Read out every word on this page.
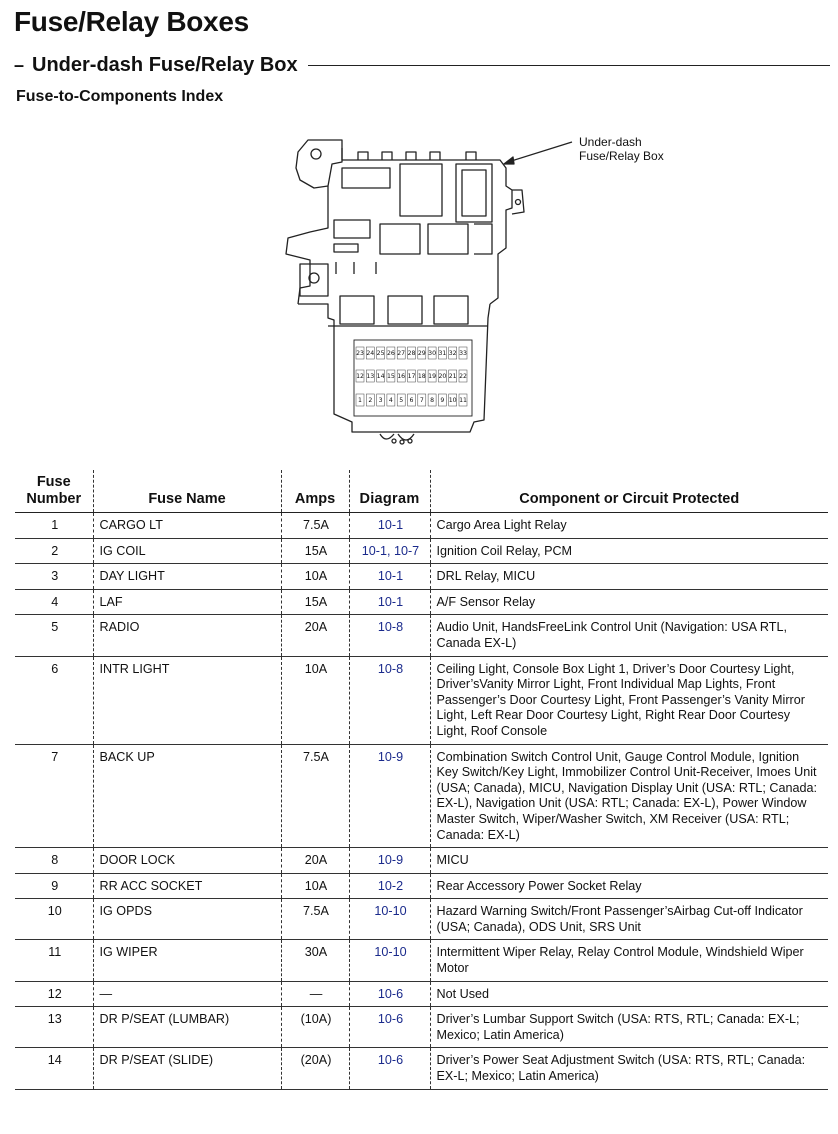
Fuse/Relay Boxes
– Under-dash Fuse/Relay Box
Fuse-to-Components Index
Under-dash
Fuse/Relay Box
23 24 25 26 27 28 29 30 31 32 33
12 13 14 15 16 17 18 19 20 21 22
1 2 3 4 5 6 7 8 9 10 11
Fuse
Number	Fuse Name	Amps	Diagram	Component or Circuit Protected
1	CARGO LT	7.5A	10-1	Cargo Area Light Relay
2	IG COIL	15A	10-1, 10-7	Ignition Coil Relay, PCM
3	DAY LIGHT	10A	10-1	DRL Relay, MICU
4	LAF	15A	10-1	A/F Sensor Relay
5	RADIO	20A	10-8	Audio Unit, HandsFreeLink Control Unit (Navigation: USA RTL, Canada EX-L)
6	INTR LIGHT	10A	10-8	Ceiling Light, Console Box Light 1, Driver’s Door Courtesy Light, Driver’sVanity Mirror Light, Front Individual Map Lights, Front Passenger’s Door Courtesy Light, Front Passenger’s Vanity Mirror Light, Left Rear Door Courtesy Light, Right Rear Door Courtesy Light, Roof Console
7	BACK UP	7.5A	10-9	Combination Switch Control Unit, Gauge Control Module, Ignition Key Switch/Key Light, Immobilizer Control Unit-Receiver, Imoes Unit (USA; Canada), MICU, Navigation Display Unit (USA: RTL; Canada: EX-L), Navigation Unit (USA: RTL; Canada: EX-L), Power Window Master Switch, Wiper/Washer Switch, XM Receiver (USA: RTL; Canada: EX-L)
8	DOOR LOCK	20A	10-9	MICU
9	RR ACC SOCKET	10A	10-2	Rear Accessory Power Socket Relay
10	IG OPDS	7.5A	10-10	Hazard Warning Switch/Front Passenger’sAirbag Cut-off Indicator (USA; Canada), ODS Unit, SRS Unit
11	IG WIPER	30A	10-10	Intermittent Wiper Relay, Relay Control Module, Windshield Wiper Motor
12	—	—	10-6	Not Used
13	DR P/SEAT (LUMBAR)	(10A)	10-6	Driver’s Lumbar Support Switch (USA: RTS, RTL; Canada: EX-L; Mexico; Latin America)
14	DR P/SEAT (SLIDE)	(20A)	10-6	Driver’s Power Seat Adjustment Switch (USA: RTS, RTL; Canada: EX-L; Mexico; Latin America)
